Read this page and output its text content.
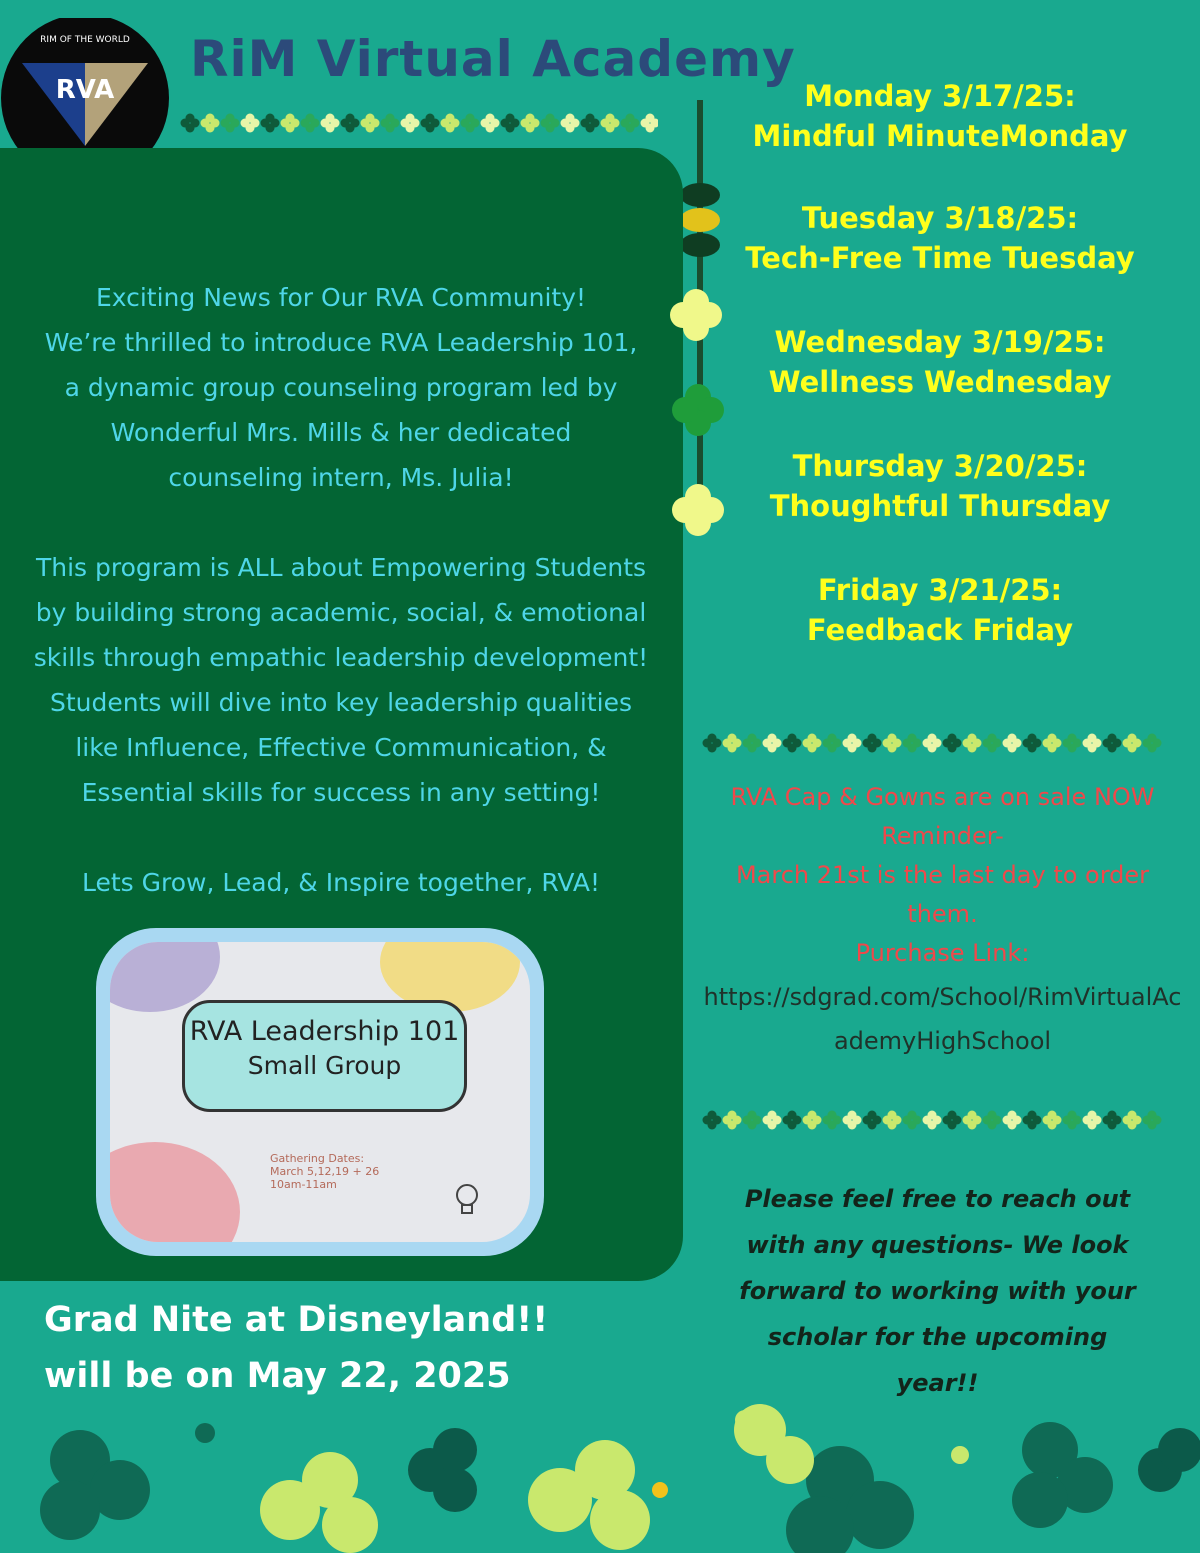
RVA
RIM OF THE WORLD RiM Virtual Academy

Exciting News for Our RVA Community!

We’re thrilled to introduce RVA Leadership 101,

a dynamic group counseling program led by

Wonderful Mrs. Mills & her dedicated

counseling intern, Ms. Julia!

This program is ALL about Empowering Students

by building strong academic, social, & emotional

skills through empathic leadership development!

Students will dive into key leadership qualities

like Influence, Effective Communication, &

Essential skills for success in any setting!

Lets Grow, Lead, & Inspire together, RVA!

RVA Leadership 101
Small Group
Gathering Dates:
March 5,12,19 + 26
10am-11am
Grad Nite at Disneyland!!
will be on May 22, 2025
Monday 3/17/25:
Mindful MinuteMonday
Tuesday 3/18/25:
Tech-Free Time Tuesday
Wednesday 3/19/25:
Wellness Wednesday
Thursday 3/20/25:
Thoughtful Thursday
Friday 3/21/25:
Feedback Friday
RVA Cap & Gowns are on sale NOW
Reminder-
March 21st is the last day to order
them.
Purchase Link:
https://sdgrad.com/School/RimVirtualAcademyHighSchool
Please feel free to reach out
with any questions- We look
forward to working with your
scholar for the upcoming
year!!
